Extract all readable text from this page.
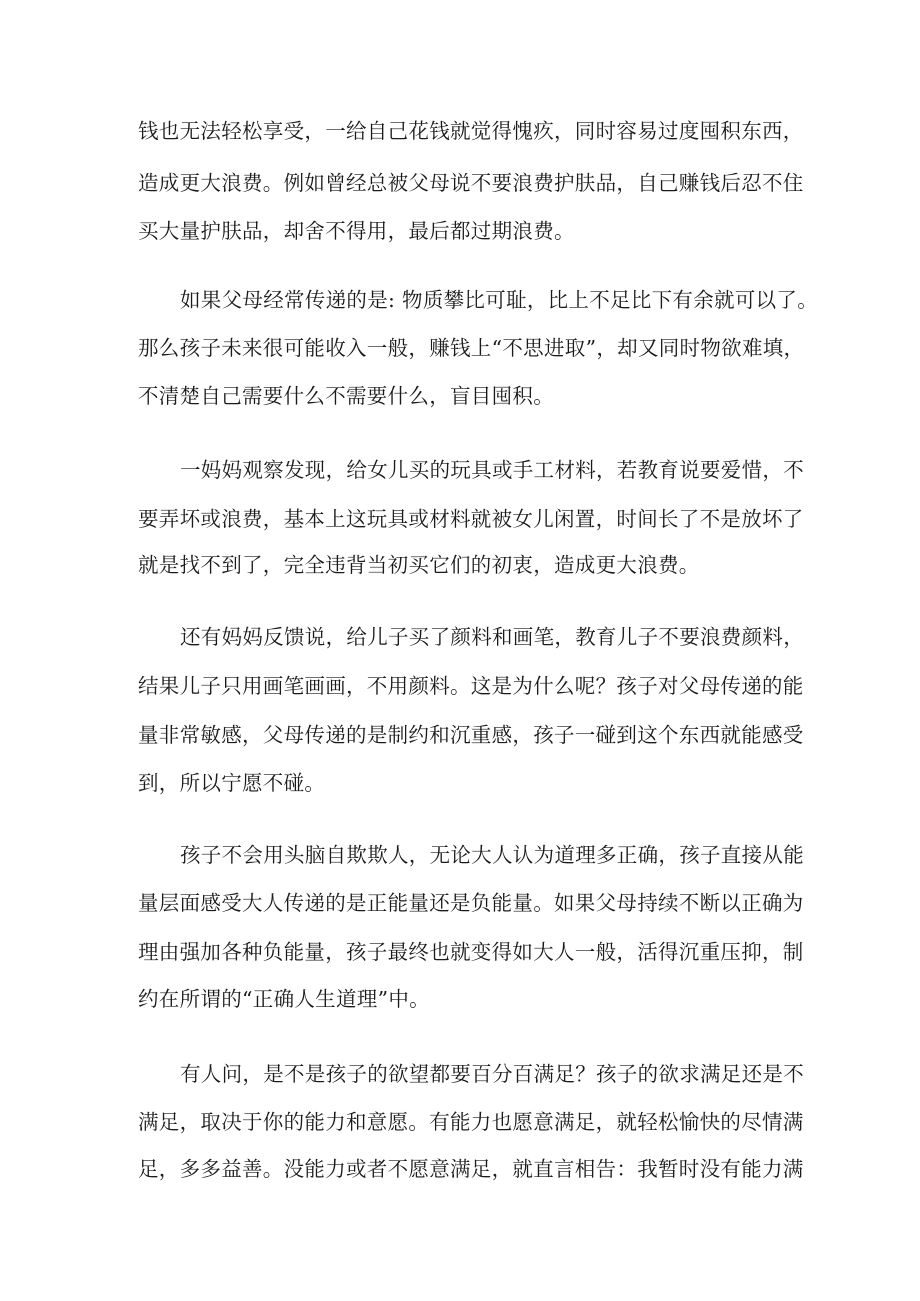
钱也无法轻松享受，一给自己花钱就觉得愧疚，同时容易过度囤积东西，
造成更大浪费。例如曾经总被父母说不要浪费护肤品，自己赚钱后忍不住
买大量护肤品，却舍不得用，最后都过期浪费。
如果父母经常传递的是: 物质攀比可耻，比上不足比下有余就可以了。
那么孩子未来很可能收入一般，赚钱上“不思进取”，却又同时物欲难填，
不清楚自己需要什么不需要什么，盲目囤积。
一妈妈观察发现，给女儿买的玩具或手工材料，若教育说要爱惜，不
要弄坏或浪费，基本上这玩具或材料就被女儿闲置，时间长了不是放坏了
就是找不到了，完全违背当初买它们的初衷，造成更大浪费。
还有妈妈反馈说，给儿子买了颜料和画笔，教育儿子不要浪费颜料，
结果儿子只用画笔画画，不用颜料。这是为什么呢？孩子对父母传递的能
量非常敏感，父母传递的是制约和沉重感，孩子一碰到这个东西就能感受
到，所以宁愿不碰。
孩子不会用头脑自欺欺人，无论大人认为道理多正确，孩子直接从能
量层面感受大人传递的是正能量还是负能量。如果父母持续不断以正确为
理由强加各种负能量，孩子最终也就变得如大人一般，活得沉重压抑，制
约在所谓的“正确人生道理”中。
有人问，是不是孩子的欲望都要百分百满足？孩子的欲求满足还是不
满足，取决于你的能力和意愿。有能力也愿意满足，就轻松愉快的尽情满
足，多多益善。没能力或者不愿意满足，就直言相告：我暂时没有能力满
